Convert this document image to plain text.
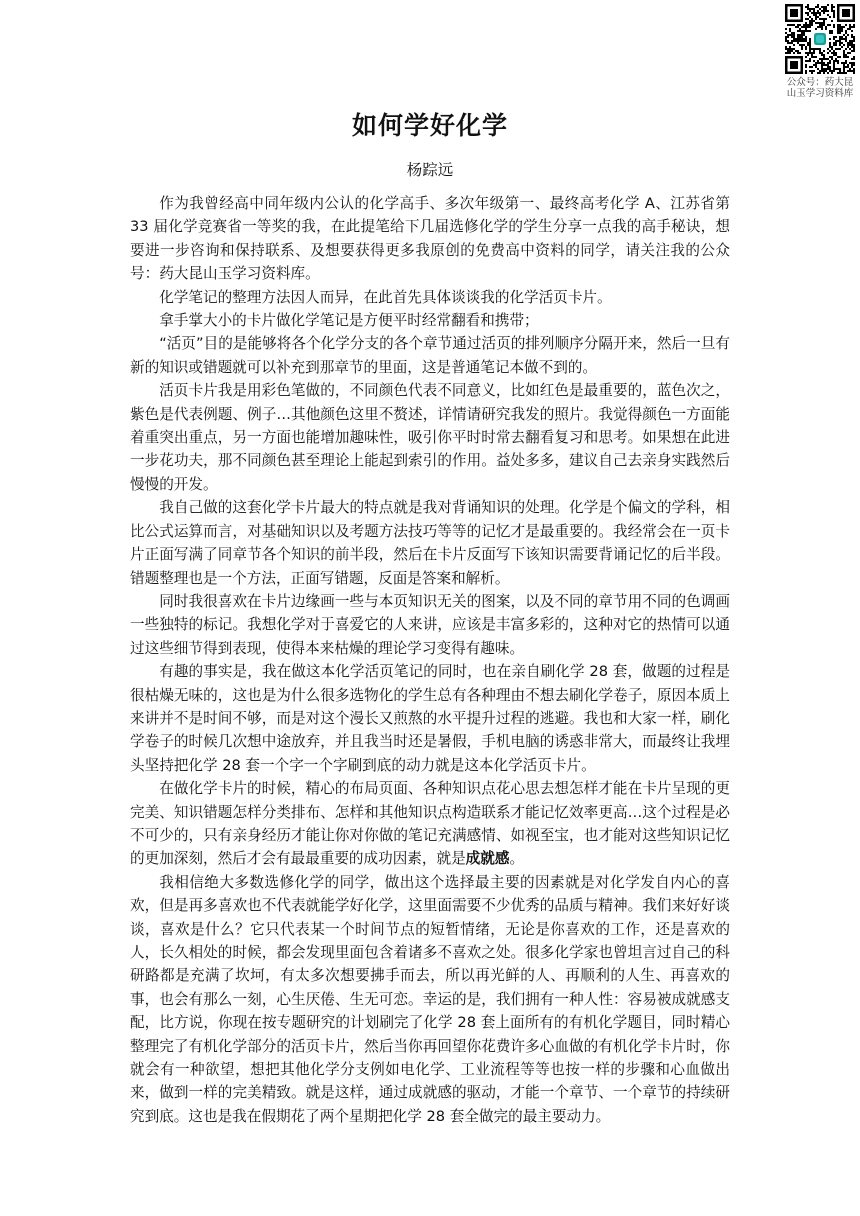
公众号：药大昆
山玉学习资料库
如何学好化学
杨踪远

作为我曾经高中同年级内公认的化学高手、多次年级第一、最终高考化学 A、江苏省第 33 届化学竞赛省一等奖的我，在此提笔给下几届选修化学的学生分享一点我的高手秘诀，想要进一步咨询和保持联系、及想要获得更多我原创的免费高中资料的同学，请关注我的公众号：药大昆山玉学习资料库。

化学笔记的整理方法因人而异，在此首先具体谈谈我的化学活页卡片。

拿手掌大小的卡片做化学笔记是方便平时经常翻看和携带；

“活页”目的是能够将各个化学分支的各个章节通过活页的排列顺序分隔开来，然后一旦有新的知识或错题就可以补充到那章节的里面，这是普通笔记本做不到的。

活页卡片我是用彩色笔做的，不同颜色代表不同意义，比如红色是最重要的，蓝色次之，紫色是代表例题、例子…其他颜色这里不赘述，详情请研究我发的照片。我觉得颜色一方面能着重突出重点，另一方面也能增加趣味性，吸引你平时时常去翻看复习和思考。如果想在此进一步花功夫，那不同颜色甚至理论上能起到索引的作用。益处多多，建议自己去亲身实践然后慢慢的开发。

我自己做的这套化学卡片最大的特点就是我对背诵知识的处理。化学是个偏文的学科，相比公式运算而言，对基础知识以及考题方法技巧等等的记忆才是最重要的。我经常会在一页卡片正面写满了同章节各个知识的前半段，然后在卡片反面写下该知识需要背诵记忆的后半段。错题整理也是一个方法，正面写错题，反面是答案和解析。

同时我很喜欢在卡片边缘画一些与本页知识无关的图案，以及不同的章节用不同的色调画一些独特的标记。我想化学对于喜爱它的人来讲，应该是丰富多彩的，这种对它的热情可以通过这些细节得到表现，使得本来枯燥的理论学习变得有趣味。

有趣的事实是，我在做这本化学活页笔记的同时，也在亲自刷化学 28 套，做题的过程是很枯燥无味的，这也是为什么很多选物化的学生总有各种理由不想去刷化学卷子，原因本质上来讲并不是时间不够，而是对这个漫长又煎熬的水平提升过程的逃避。我也和大家一样，刷化学卷子的时候几次想中途放弃，并且我当时还是暑假，手机电脑的诱惑非常大，而最终让我埋头坚持把化学 28 套一个字一个字刷到底的动力就是这本化学活页卡片。

在做化学卡片的时候，精心的布局页面、各种知识点花心思去想怎样才能在卡片呈现的更完美、知识错题怎样分类排布、怎样和其他知识点构造联系才能记忆效率更高…这个过程是必不可少的，只有亲身经历才能让你对你做的笔记充满感情、如视至宝，也才能对这些知识记忆的更加深刻，然后才会有最最重要的成功因素，就是成就感。

我相信绝大多数选修化学的同学，做出这个选择最主要的因素就是对化学发自内心的喜欢，但是再多喜欢也不代表就能学好化学，这里面需要不少优秀的品质与精神。我们来好好谈谈，喜欢是什么？它只代表某一个时间节点的短暂情绪，无论是你喜欢的工作，还是喜欢的人，长久相处的时候，都会发现里面包含着诸多不喜欢之处。很多化学家也曾坦言过自己的科研路都是充满了坎坷，有太多次想要拂手而去，所以再光鲜的人、再顺利的人生、再喜欢的事，也会有那么一刻，心生厌倦、生无可恋。幸运的是，我们拥有一种人性：容易被成就感支配，比方说，你现在按专题研究的计划刷完了化学 28 套上面所有的有机化学题目，同时精心整理完了有机化学部分的活页卡片，然后当你再回望你花费许多心血做的有机化学卡片时，你就会有一种欲望，想把其他化学分支例如电化学、工业流程等等也按一样的步骤和心血做出来，做到一样的完美精致。就是这样，通过成就感的驱动，才能一个章节、一个章节的持续研究到底。这也是我在假期花了两个星期把化学 28 套全做完的最主要动力。
